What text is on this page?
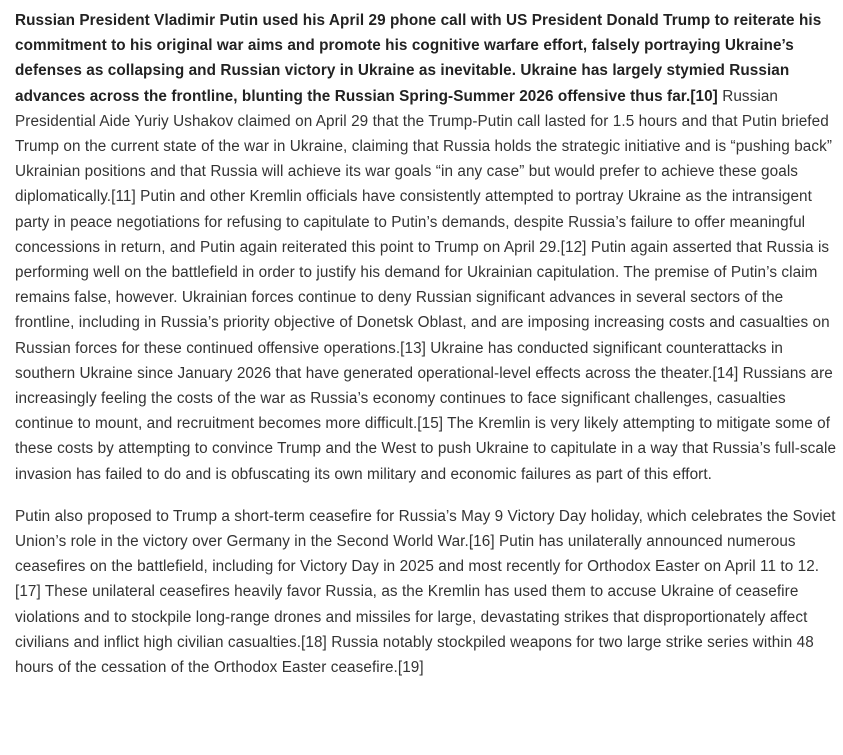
Russian President Vladimir Putin used his April 29 phone call with US President Donald Trump to reiterate his commitment to his original war aims and promote his cognitive warfare effort, falsely portraying Ukraine’s defenses as collapsing and Russian victory in Ukraine as inevitable. Ukraine has largely stymied Russian advances across the frontline, blunting the Russian Spring-Summer 2026 offensive thus far.[10] Russian Presidential Aide Yuriy Ushakov claimed on April 29 that the Trump-Putin call lasted for 1.5 hours and that Putin briefed Trump on the current state of the war in Ukraine, claiming that Russia holds the strategic initiative and is “pushing back” Ukrainian positions and that Russia will achieve its war goals “in any case” but would prefer to achieve these goals diplomatically.[11] Putin and other Kremlin officials have consistently attempted to portray Ukraine as the intransigent party in peace negotiations for refusing to capitulate to Putin’s demands, despite Russia’s failure to offer meaningful concessions in return, and Putin again reiterated this point to Trump on April 29.[12] Putin again asserted that Russia is performing well on the battlefield in order to justify his demand for Ukrainian capitulation. The premise of Putin’s claim remains false, however. Ukrainian forces continue to deny Russian significant advances in several sectors of the frontline, including in Russia’s priority objective of Donetsk Oblast, and are imposing increasing costs and casualties on Russian forces for these continued offensive operations.[13] Ukraine has conducted significant counterattacks in southern Ukraine since January 2026 that have generated operational-level effects across the theater.[14] Russians are increasingly feeling the costs of the war as Russia’s economy continues to face significant challenges, casualties continue to mount, and recruitment becomes more difficult.[15] The Kremlin is very likely attempting to mitigate some of these costs by attempting to convince Trump and the West to push Ukraine to capitulate in a way that Russia’s full-scale invasion has failed to do and is obfuscating its own military and economic failures as part of this effort.

Putin also proposed to Trump a short-term ceasefire for Russia’s May 9 Victory Day holiday, which celebrates the Soviet Union’s role in the victory over Germany in the Second World War.[16] Putin has unilaterally announced numerous ceasefires on the battlefield, including for Victory Day in 2025 and most recently for Orthodox Easter on April 11 to 12.[17] These unilateral ceasefires heavily favor Russia, as the Kremlin has used them to accuse Ukraine of ceasefire violations and to stockpile long-range drones and missiles for large, devastating strikes that disproportionately affect civilians and inflict high civilian casualties.[18] Russia notably stockpiled weapons for two large strike series within 48 hours of the cessation of the Orthodox Easter ceasefire.[19]
